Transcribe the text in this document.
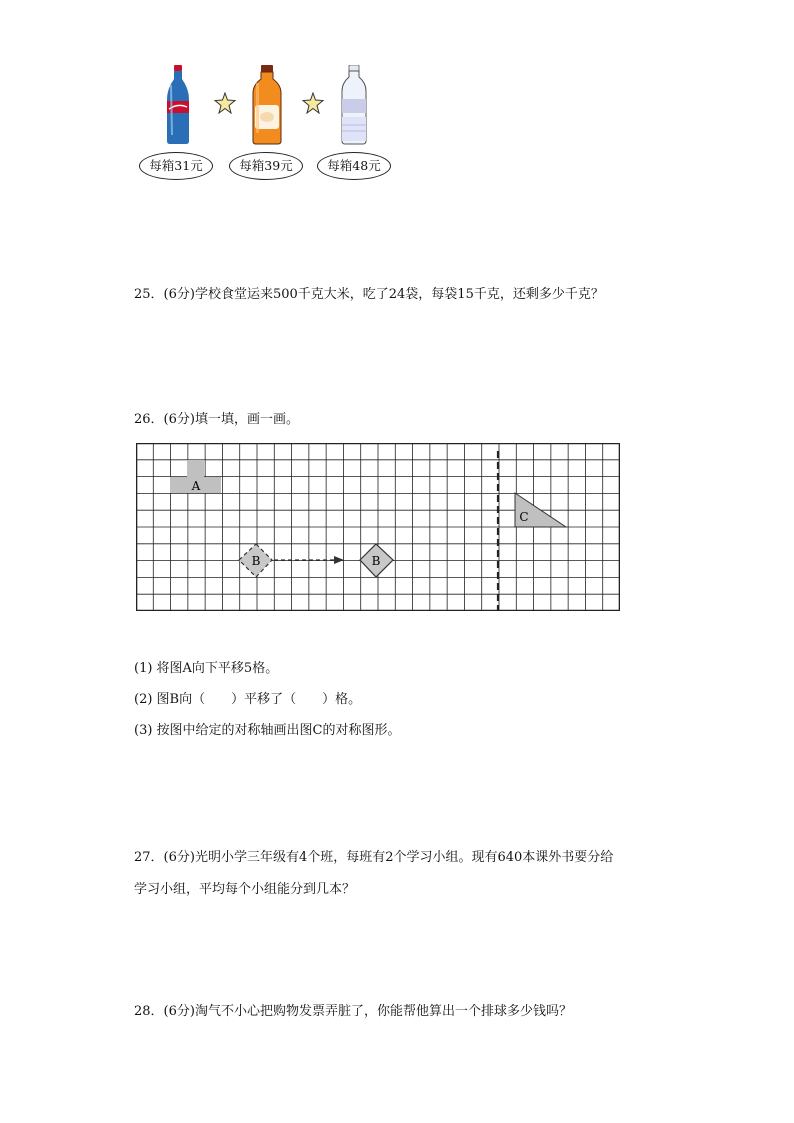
每箱31元	每箱39元	每箱48元
25．(6分)学校食堂运来500千克大米，吃了24袋，每袋15千克，还剩多少千克？
26．(6分)填一填，画一画。
A
B	B
C
(1) 将图A向下平移5格。
(2) 图B向（　　）平移了（　　）格。
(3) 按图中给定的对称轴画出图C的对称图形。
27．(6分)光明小学三年级有4个班，每班有2个学习小组。现有640本课外书要分给
学习小组，平均每个小组能分到几本？
28．(6分)淘气不小心把购物发票弄脏了，你能帮他算出一个排球多少钱吗？
